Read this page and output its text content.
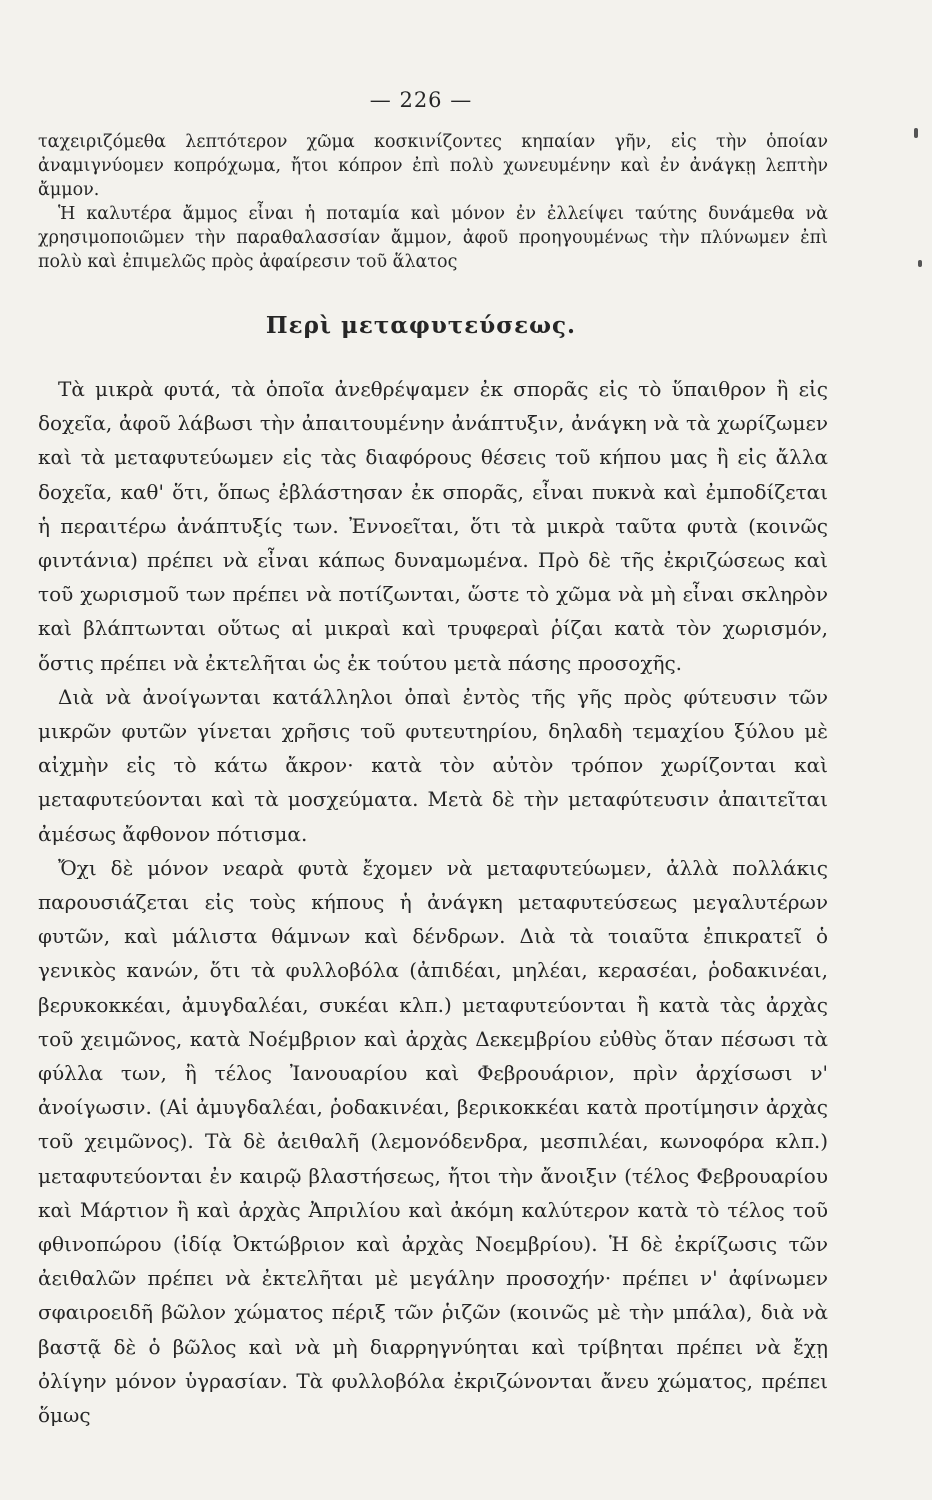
— 226 —

ταχειριζόμεθα λεπτότερον χῶμα κοσκινίζοντες κηπαίαν γῆν, εἰς τὴν ὁποίαν ἀναμιγνύομεν κοπρόχωμα, ἤτοι κόπρον ἐπὶ πολὺ χωνευμένην καὶ ἐν ἀνάγκῃ λεπτὴν ἄμμον.

Ἡ καλυτέρα ἄμμος εἶναι ἡ ποταμία καὶ μόνον ἐν ἐλλείψει ταύτης δυνάμεθα νὰ χρησιμοποιῶμεν τὴν παραθαλασσίαν ἄμμον, ἀφοῦ προηγουμένως τὴν πλύνωμεν ἐπὶ πολὺ καὶ ἐπιμελῶς πρὸς ἀφαίρεσιν τοῦ ἅλατος

Περὶ μεταφυτεύσεως.

Τὰ μικρὰ φυτά, τὰ ὁποῖα ἀνεθρέψαμεν ἐκ σπορᾶς εἰς τὸ ὕπαιθρον ἢ εἰς δοχεῖα, ἀφοῦ λάβωσι τὴν ἀπαιτουμένην ἀνάπτυξιν, ἀνάγκη νὰ τὰ χωρίζωμεν καὶ τὰ μεταφυτεύωμεν εἰς τὰς διαφόρους θέσεις τοῦ κήπου μας ἢ εἰς ἄλλα δοχεῖα, καθ' ὅτι, ὅπως ἐβλάστησαν ἐκ σπορᾶς, εἶναι πυκνὰ καὶ ἐμποδίζεται ἡ περαιτέρω ἀνάπτυξίς των. Ἐννοεῖται, ὅτι τὰ μικρὰ ταῦτα φυτὰ (κοινῶς φιντάνια) πρέπει νὰ εἶναι κάπως δυναμωμένα. Πρὸ δὲ τῆς ἐκριζώσεως καὶ τοῦ χωρισμοῦ των πρέπει νὰ ποτίζωνται, ὥστε τὸ χῶμα νὰ μὴ εἶναι σκληρὸν καὶ βλάπτωνται οὕτως αἱ μικραὶ καὶ τρυφεραὶ ῥίζαι κατὰ τὸν χωρισμόν, ὅστις πρέπει νὰ ἐκτελῆται ὡς ἐκ τούτου μετὰ πάσης προσοχῆς.

Διὰ νὰ ἀνοίγωνται κατάλληλοι ὀπαὶ ἐντὸς τῆς γῆς πρὸς φύτευσιν τῶν μικρῶν φυτῶν γίνεται χρῆσις τοῦ φυτευτηρίου, δηλαδὴ τεμαχίου ξύλου μὲ αἰχμὴν εἰς τὸ κάτω ἄκρον· κατὰ τὸν αὐτὸν τρόπον χωρίζονται καὶ μεταφυτεύονται καὶ τὰ μοσχεύματα. Μετὰ δὲ τὴν μεταφύτευσιν ἀπαιτεῖται ἀμέσως ἄφθονον πότισμα.

Ὄχι δὲ μόνον νεαρὰ φυτὰ ἔχομεν νὰ μεταφυτεύωμεν, ἀλλὰ πολλάκις παρουσιάζεται εἰς τοὺς κήπους ἡ ἀνάγκη μεταφυτεύσεως μεγαλυτέρων φυτῶν, καὶ μάλιστα θάμνων καὶ δένδρων. Διὰ τὰ τοιαῦτα ἐπικρατεῖ ὁ γενικὸς κανών, ὅτι τὰ φυλλοβόλα (ἀπιδέαι, μηλέαι, κερασέαι, ῥοδακινέαι, βερυκοκκέαι, ἀμυγδαλέαι, συκέαι κλπ.) μεταφυτεύονται ἢ κατὰ τὰς ἀρχὰς τοῦ χειμῶνος, κατὰ Νοέμβριον καὶ ἀρχὰς Δεκεμβρίου εὐθὺς ὅταν πέσωσι τὰ φύλλα των, ἢ τέλος Ἰανουαρίου καὶ Φεβρουάριον, πρὶν ἀρχίσωσι ν' ἀνοίγωσιν. (Αἱ ἀμυγδαλέαι, ῥοδακινέαι, βερικοκκέαι κατὰ προτίμησιν ἀρχὰς τοῦ χειμῶνος). Τὰ δὲ ἀειθαλῆ (λεμονόδενδρα, μεσπιλέαι, κωνοφόρα κλπ.) μεταφυτεύονται ἐν καιρῷ βλαστήσεως, ἤτοι τὴν ἄνοιξιν (τέλος Φεβρουαρίου καὶ Μάρτιον ἢ καὶ ἀρχὰς Ἀπριλίου καὶ ἀκόμη καλύτερον κατὰ τὸ τέλος τοῦ φθινοπώρου (ἰδίᾳ Ὀκτώβριον καὶ ἀρχὰς Νοεμβρίου). Ἡ δὲ ἐκρίζωσις τῶν ἀειθαλῶν πρέπει νὰ ἐκτελῆται μὲ μεγάλην προσοχήν· πρέπει ν' ἀφίνωμεν σφαιροειδῆ βῶλον χώματος πέριξ τῶν ῥιζῶν (κοινῶς μὲ τὴν μπάλα), διὰ νὰ βαστᾷ δὲ ὁ βῶλος καὶ νὰ μὴ διαρρηγνύηται καὶ τρίβηται πρέπει νὰ ἔχῃ ὀλίγην μόνον ὑγρασίαν. Τὰ φυλλοβόλα ἐκριζώνονται ἄνευ χώματος, πρέπει ὅμως
